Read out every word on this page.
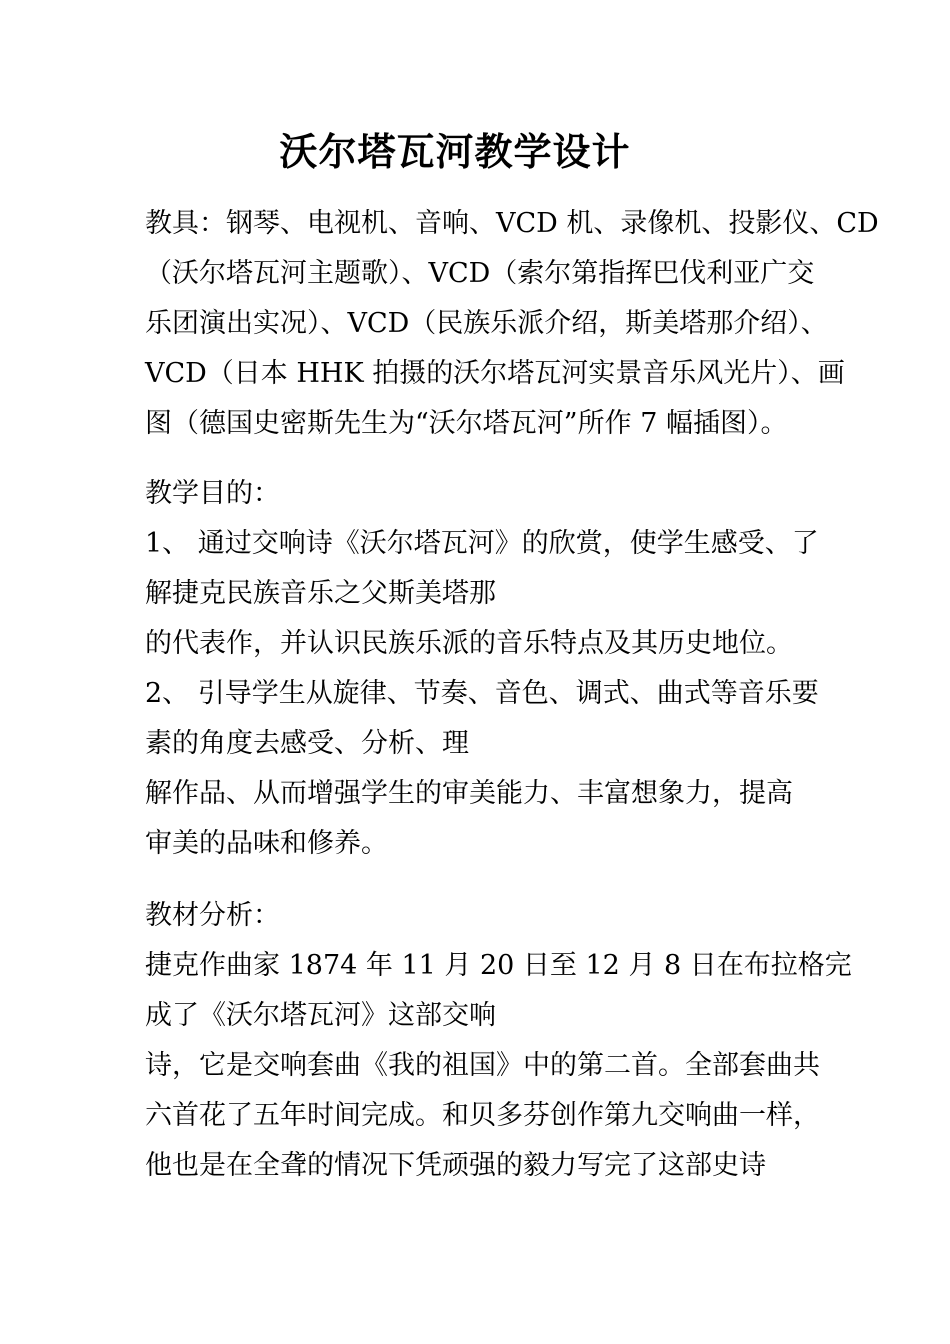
沃尔塔瓦河教学设计
教具：钢琴、电视机、音响、VCD 机、录像机、投影仪、CD
（沃尔塔瓦河主题歌）、VCD（索尔第指挥巴伐利亚广交
乐团演出实况）、VCD（民族乐派介绍，斯美塔那介绍）、
VCD（日本 HHK 拍摄的沃尔塔瓦河实景音乐风光片）、画
图（德国史密斯先生为“沃尔塔瓦河”所作 7 幅插图）。
教学目的：
1、 通过交响诗《沃尔塔瓦河》的欣赏，使学生感受、了
解捷克民族音乐之父斯美塔那
的代表作，并认识民族乐派的音乐特点及其历史地位。
2、 引导学生从旋律、节奏、音色、调式、曲式等音乐要
素的角度去感受、分析、理
解作品、从而增强学生的审美能力、丰富想象力，提高
审美的品味和修养。
教材分析：
捷克作曲家 1874 年 11 月 20 日至 12 月 8 日在布拉格完
成了《沃尔塔瓦河》这部交响
诗，它是交响套曲《我的祖国》中的第二首。全部套曲共
六首花了五年时间完成。和贝多芬创作第九交响曲一样，
他也是在全聋的情况下凭顽强的毅力写完了这部史诗
